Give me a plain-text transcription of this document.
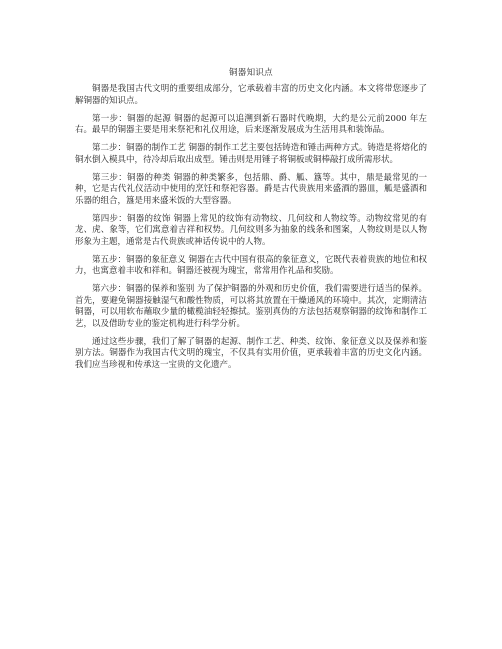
铜器知识点

铜器是我国古代文明的重要组成部分，它承载着丰富的历史文化内涵。本文将带您逐步了解铜器的知识点。

第一步：铜器的起源 铜器的起源可以追溯到新石器时代晚期，大约是公元前2000 年左右。最早的铜器主要是用来祭祀和礼仪用途，后来逐渐发展成为生活用具和装饰品。

第二步：铜器的制作工艺 铜器的制作工艺主要包括铸造和锤击两种方式。铸造是将熔化的铜水倒入模具中，待冷却后取出成型。锤击则是用锤子将铜板或铜棒敲打成所需形状。

第三步：铜器的种类 铜器的种类繁多，包括鼎、爵、觚、簋等。其中，鼎是最常见的一种，它是古代礼仪活动中使用的烹饪和祭祀容器。爵是古代贵族用来盛酒的器皿，觚是盛酒和乐器的组合，簋是用来盛米饭的大型容器。

第四步：铜器的纹饰 铜器上常见的纹饰有动物纹、几何纹和人物纹等。动物纹常见的有龙、虎、象等，它们寓意着吉祥和权势。几何纹则多为抽象的线条和图案，人物纹则是以人物形象为主题，通常是古代贵族或神话传说中的人物。

第五步：铜器的象征意义 铜器在古代中国有很高的象征意义，它既代表着贵族的地位和权力，也寓意着丰收和祥和。铜器还被视为瑰宝，常常用作礼品和奖励。

第六步：铜器的保养和鉴别 为了保护铜器的外观和历史价值，我们需要进行适当的保养。首先，要避免铜器接触湿气和酸性物质，可以将其放置在干燥通风的环境中。其次，定期清洁铜器，可以用软布蘸取少量的橄榄油轻轻擦拭。鉴别真伪的方法包括观察铜器的纹饰和制作工艺，以及借助专业的鉴定机构进行科学分析。

通过这些步骤，我们了解了铜器的起源、制作工艺、种类、纹饰、象征意义以及保养和鉴别方法。铜器作为我国古代文明的瑰宝，不仅具有实用价值，更承载着丰富的历史文化内涵。我们应当珍视和传承这一宝贵的文化遗产。
